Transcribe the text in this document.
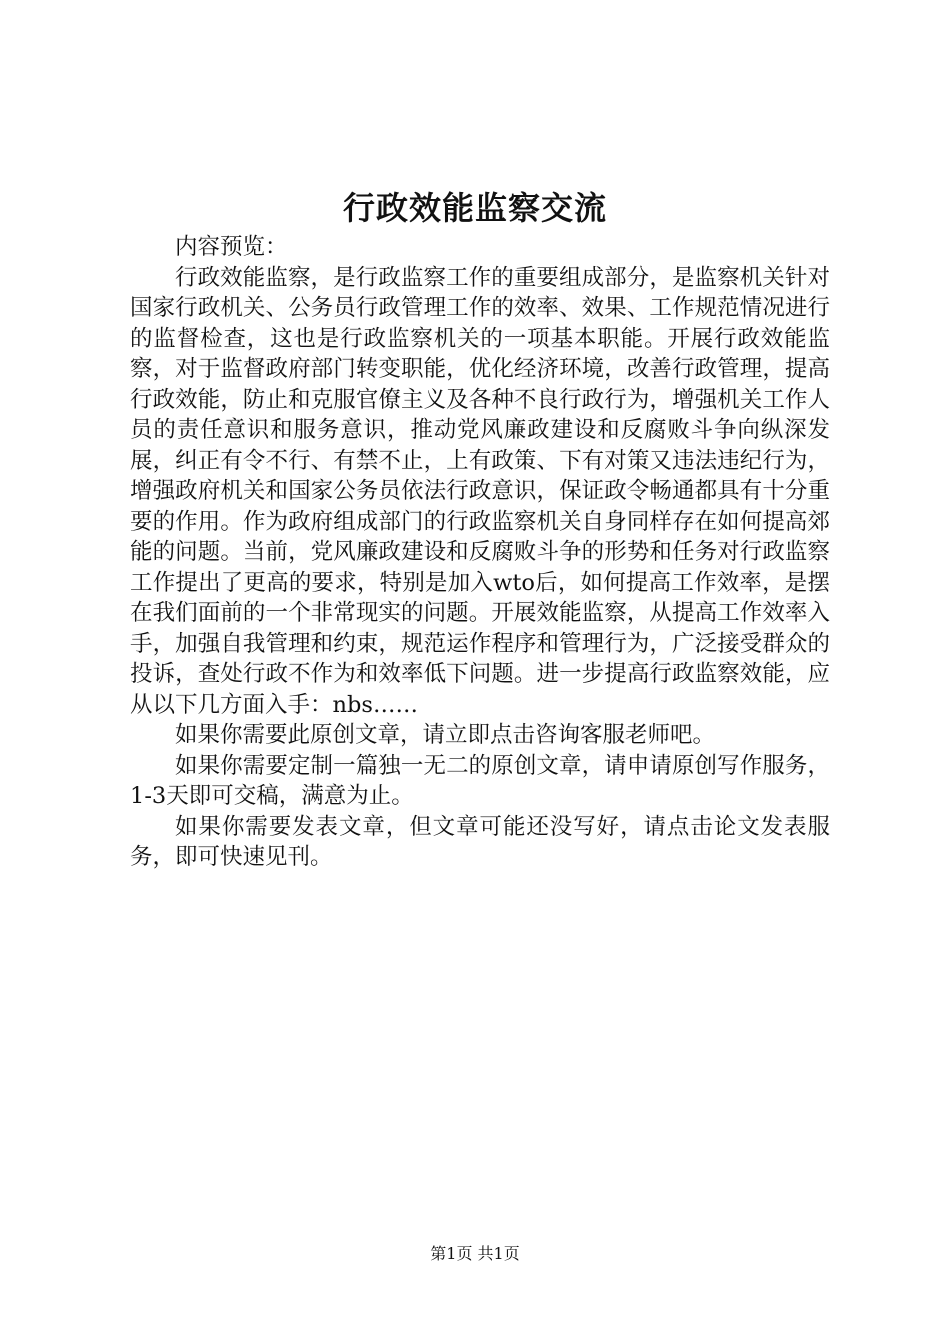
行政效能监察交流

内容预览：

行政效能监察，是行政监察工作的重要组成部分，是监察机关针对国家行政机关、公务员行政管理工作的效率、效果、工作规范情况进行的监督检查，这也是行政监察机关的一项基本职能。开展行政效能监察，对于监督政府部门转变职能，优化经济环境，改善行政管理，提高行政效能，防止和克服官僚主义及各种不良行政行为，增强机关工作人员的责任意识和服务意识，推动党风廉政建设和反腐败斗争向纵深发展，纠正有令不行、有禁不止，上有政策、下有对策又违法违纪行为，增强政府机关和国家公务员依法行政意识，保证政令畅通都具有十分重要的作用。作为政府组成部门的行政监察机关自身同样存在如何提高郊能的问题。当前，党风廉政建设和反腐败斗争的形势和任务对行政监察工作提出了更高的要求，特别是加入wto后，如何提高工作效率，是摆在我们面前的一个非常现实的问题。开展效能监察，从提高工作效率入手，加强自我管理和约束，规范运作程序和管理行为，广泛接受群众的投诉，查处行政不作为和效率低下问题。进一步提高行政监察效能，应从以下几方面入手：nbs……

如果你需要此原创文章，请立即点击咨询客服老师吧。

如果你需要定制一篇独一无二的原创文章，请申请原创写作服务，1-3天即可交稿，满意为止。

如果你需要发表文章，但文章可能还没写好，请点击论文发表服务，即可快速见刊。

第1页 共1页
